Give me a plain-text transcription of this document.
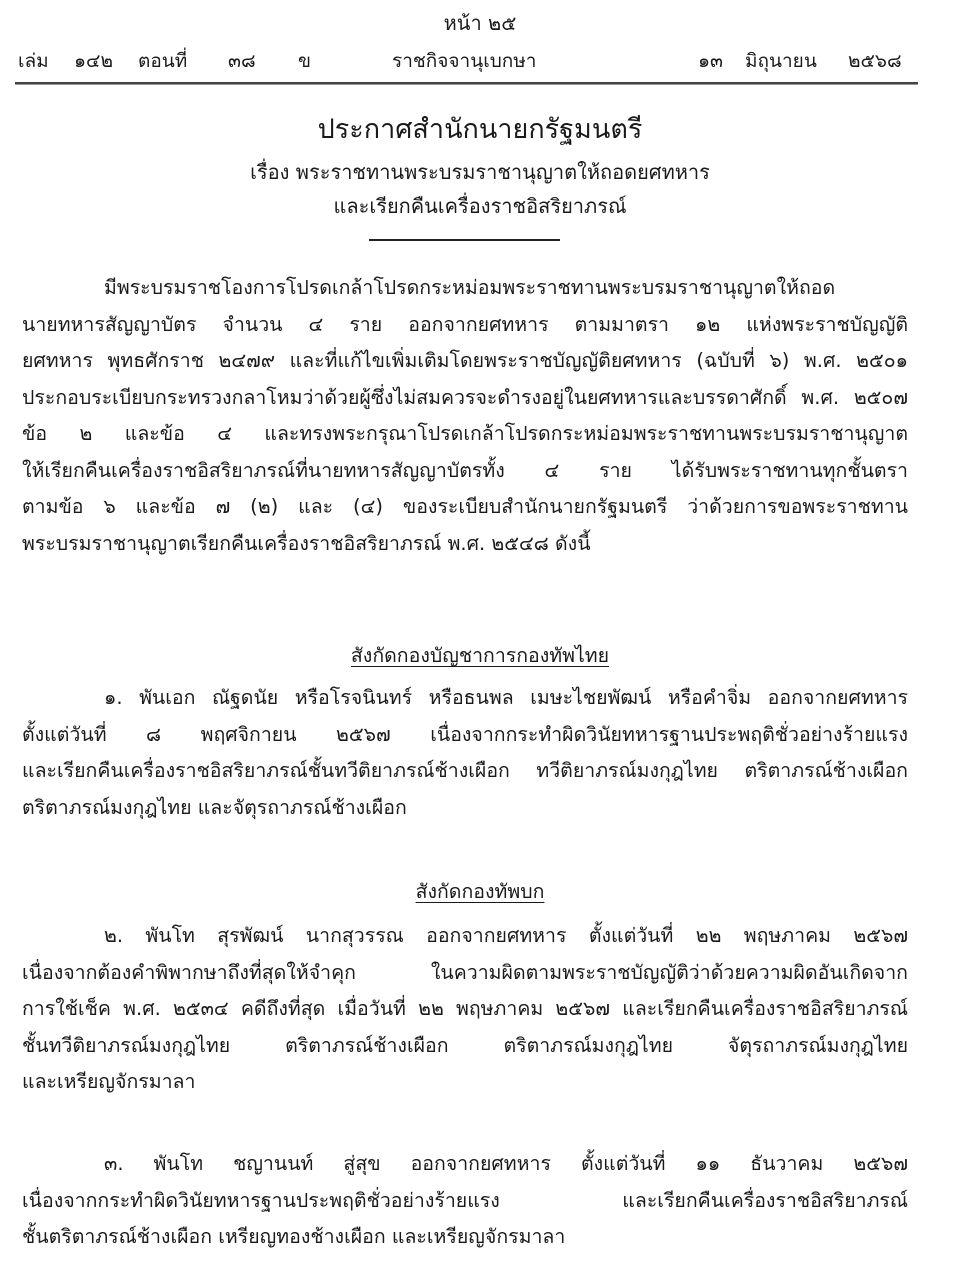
หน้า ๒๕
เล่ม ๑๔๒ ตอนที่ ๓๘ ข	ราชกิจจานุเบกษา	๑๓ มิถุนายน ๒๕๖๘
ประกาศสำนักนายกรัฐมนตรี
เรื่อง พระราชทานพระบรมราชานุญาตให้ถอดยศทหาร
และเรียกคืนเครื่องราชอิสริยาภรณ์
มีพระบรมราชโองการโปรดเกล้าโปรดกระหม่อมพระราชทานพระบรมราชานุญาตให้ถอด
นายทหารสัญญาบัตร จำนวน ๔ ราย ออกจากยศทหาร ตามมาตรา ๑๒ แห่งพระราชบัญญัติ
ยศทหาร พุทธศักราช ๒๔๗๙ และที่แก้ไขเพิ่มเติมโดยพระราชบัญญัติยศทหาร (ฉบับที่ ๖) พ.ศ. ๒๕๐๑
ประกอบระเบียบกระทรวงกลาโหมว่าด้วยผู้ซึ่งไม่สมควรจะดำรงอยู่ในยศทหารและบรรดาศักดิ์ พ.ศ. ๒๕๐๗
ข้อ ๒ และข้อ ๔ และทรงพระกรุณาโปรดเกล้าโปรดกระหม่อมพระราชทานพระบรมราชานุญาต
ให้เรียกคืนเครื่องราชอิสริยาภรณ์ที่นายทหารสัญญาบัตรทั้ง ๔ ราย ได้รับพระราชทานทุกชั้นตรา
ตามข้อ ๖ และข้อ ๗ (๒) และ (๔) ของระเบียบสำนักนายกรัฐมนตรี ว่าด้วยการขอพระราชทาน
พระบรมราชานุญาตเรียกคืนเครื่องราชอิสริยาภรณ์ พ.ศ. ๒๕๔๘ ดังนี้
สังกัดกองบัญชาการกองทัพไทย
๑. พันเอก ณัฐดนัย หรือโรจนินทร์ หรือธนพล เมษะไชยพัฒน์ หรือคำจิ่ม ออกจากยศทหาร
ตั้งแต่วันที่ ๘ พฤศจิกายน ๒๕๖๗ เนื่องจากกระทำผิดวินัยทหารฐานประพฤติชั่วอย่างร้ายแรง
และเรียกคืนเครื่องราชอิสริยาภรณ์ชั้นทวีติยาภรณ์ช้างเผือก ทวีติยาภรณ์มงกุฎไทย ตริตาภรณ์ช้างเผือก
ตริตาภรณ์มงกุฎไทย และจัตุรถาภรณ์ช้างเผือก
สังกัดกองทัพบก
๒. พันโท สุรพัฒน์ นากสุวรรณ ออกจากยศทหาร ตั้งแต่วันที่ ๒๒ พฤษภาคม ๒๕๖๗
เนื่องจากต้องคำพิพากษาถึงที่สุดให้จำคุก ในความผิดตามพระราชบัญญัติว่าด้วยความผิดอันเกิดจาก
การใช้เช็ค พ.ศ. ๒๕๓๔ คดีถึงที่สุด เมื่อวันที่ ๒๒ พฤษภาคม ๒๕๖๗ และเรียกคืนเครื่องราชอิสริยาภรณ์
ชั้นทวีติยาภรณ์มงกุฎไทย ตริตาภรณ์ช้างเผือก ตริตาภรณ์มงกุฎไทย จัตุรถาภรณ์มงกุฎไทย
และเหรียญจักรมาลา
๓. พันโท ชญานนท์ สู่สุข ออกจากยศทหาร ตั้งแต่วันที่ ๑๑ ธันวาคม ๒๕๖๗
เนื่องจากกระทำผิดวินัยทหารฐานประพฤติชั่วอย่างร้ายแรง และเรียกคืนเครื่องราชอิสริยาภรณ์
ชั้นตริตาภรณ์ช้างเผือก เหรียญทองช้างเผือก และเหรียญจักรมาลา
